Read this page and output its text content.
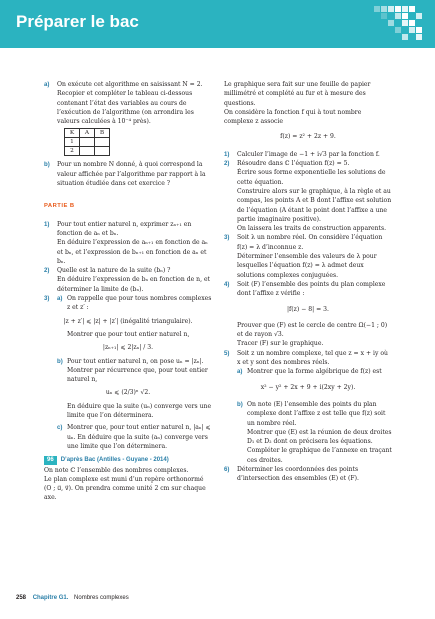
Préparer le bac
a)	On exécute cet algorithme en saisissant N = 2. Recopier et compléter le tableau ci-dessous contenant l’état des variables au cours de l’exécution de l’algorithme (on arrondira les valeurs calculées à 10⁻⁴ près).
K	A	B
1		
2		
b)	Pour un nombre N donné, à quoi correspond la valeur affichée par l’algorithme par rapport à la situation étudiée dans cet exercice ?
PARTIE B
1)	Pour tout entier naturel n, exprimer zₙ₊₁ en fonction de aₙ et bₙ.

En déduire l’expression de aₙ₊₁ en fonction de aₙ et bₙ, et l’expression de bₙ₊₁ en fonction de aₙ et bₙ.

2)	Quelle est la nature de la suite (bₙ) ?

En déduire l’expression de bₙ en fonction de n, et déterminer la limite de (bₙ).

3)	a) On rappelle que pour tous nombres complexes z et z′ :
|z + z′| ⩽ |z| + |z′| (inégalité triangulaire).
Montrer que pour tout entier naturel n,
|zₙ₊₁| ⩽ 2|zₙ| / 3.
b) Pour tout entier naturel n, on pose uₙ = |zₙ|. Montrer par récurrence que, pour tout entier naturel n,
uₙ ⩽ (2/3)ⁿ √2.
En déduire que la suite (uₙ) converge vers une limite que l’on déterminera.
c) Montrer que, pour tout entier naturel n, |aₙ| ⩽ uₙ. En déduire que la suite (aₙ) converge vers une limite que l’on déterminera.
96	D’après Bac (Antilles - Guyane - 2014)

On note ℂ l’ensemble des nombres complexes.

Le plan complexe est muni d’un repère orthonormé (O ; u⃗, v⃗). On prendra comme unité 2 cm sur chaque axe.

Le graphique sera fait sur une feuille de papier millimétré et complété au fur et à mesure des questions.

On considère la fonction f qui à tout nombre complexe z associe

f(z) = z² + 2z + 9.
1)	Calculer l’image de −1 + i√3 par la fonction f.
2)	Résoudre dans ℂ l’équation f(z) = 5.

Écrire sous forme exponentielle les solutions de cette équation.

Construire alors sur le graphique, à la règle et au compas, les points A et B dont l’affixe est solution de l’équation (A étant le point dont l’affixe a une partie imaginaire positive).

On laissera les traits de construction apparents.

3)	Soit λ un nombre réel. On considère l’équation f(z) = λ d’inconnue z.

Déterminer l’ensemble des valeurs de λ pour lesquelles l’équation f(z) = λ admet deux solutions complexes conjuguées.

4)	Soit (F) l’ensemble des points du plan complexe dont l’affixe z vérifie :
|f(z) − 8| = 3.
Prouver que (F) est le cercle de centre Ω(−1 ; 0) et de rayon √3.
Tracer (F) sur le graphique.
5)	Soit z un nombre complexe, tel que z = x + iy où x et y sont des nombres réels.
a) Montrer que la forme algébrique de f(z) est
x² − y² + 2x + 9 + i(2xy + 2y).
b) On note (E) l’ensemble des points du plan complexe dont l’affixe z est telle que f(z) soit un nombre réel.

Montrer que (E) est la réunion de deux droites D₁ et D₂ dont on précisera les équations.

Compléter le graphique de l’annexe en traçant ces droites.

6)	Déterminer les coordonnées des points d’intersection des ensembles (E) et (F).
258 Chapitre G1. Nombres complexes
